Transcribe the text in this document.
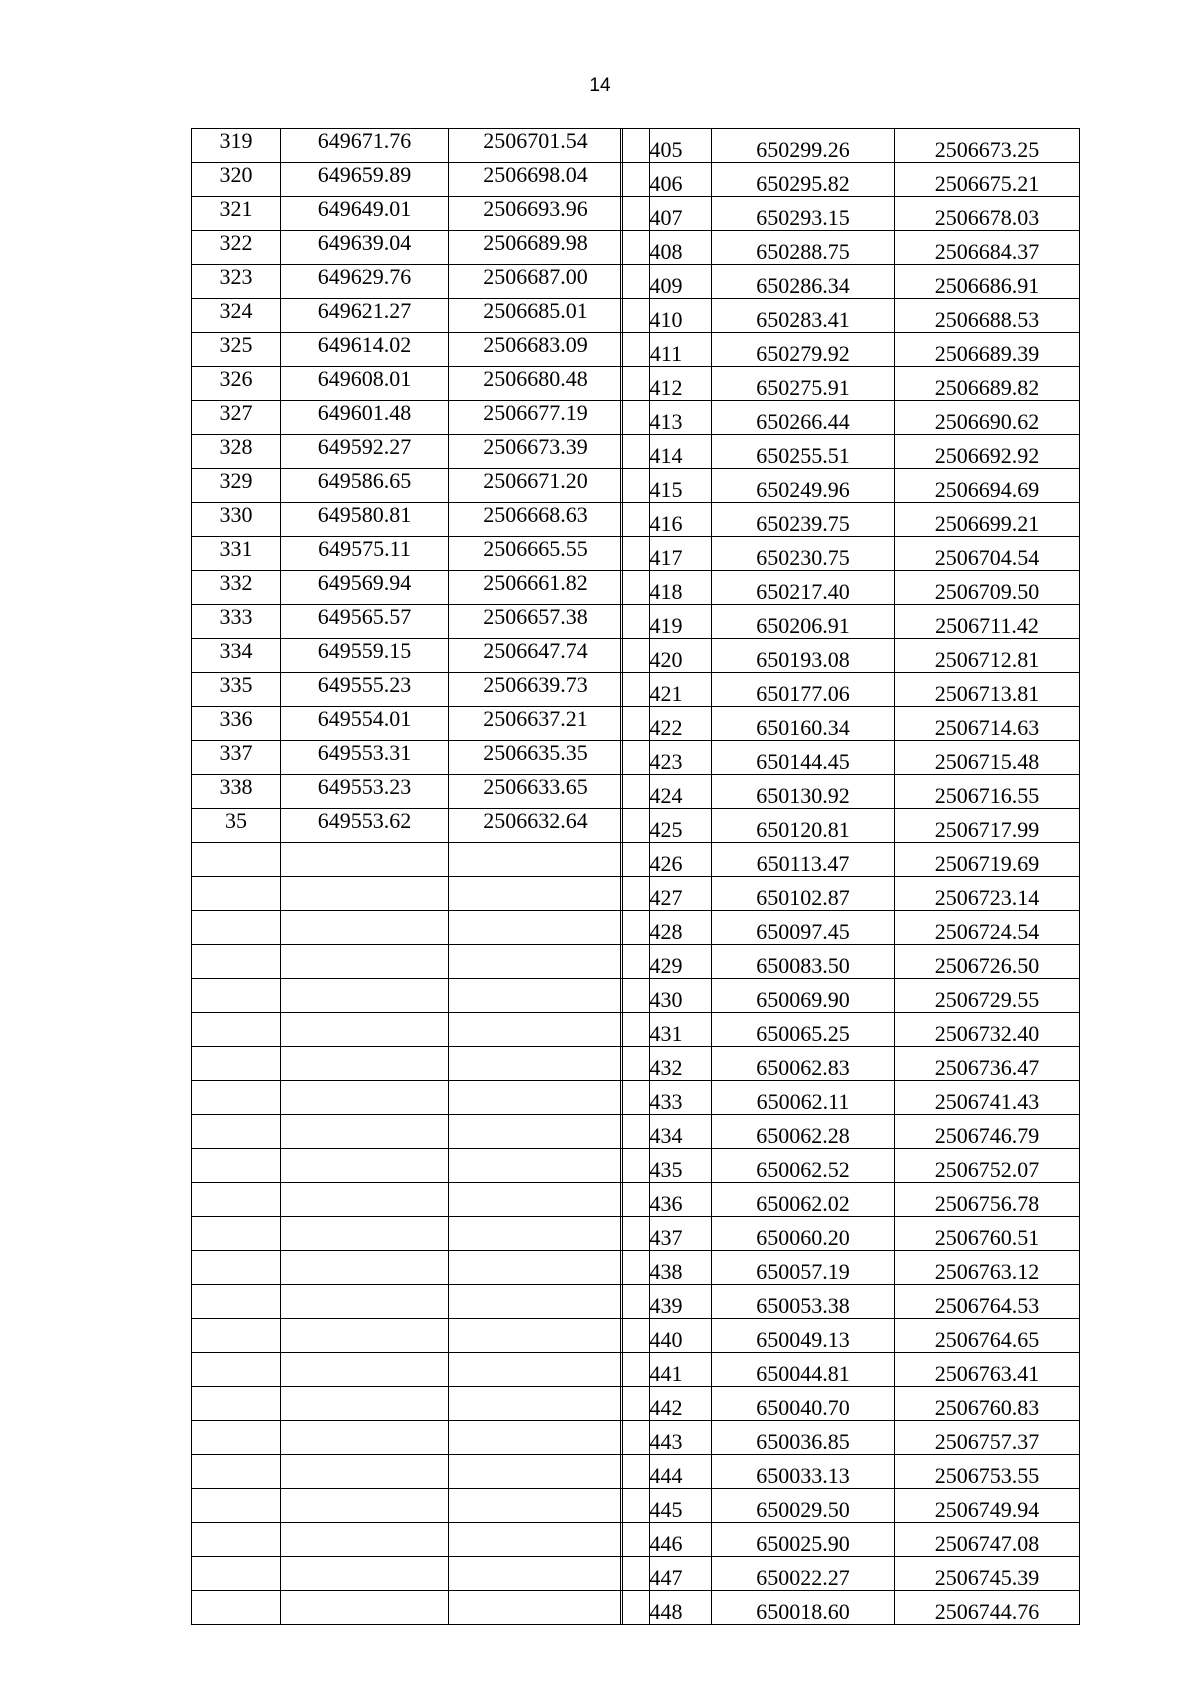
14
319	649671.76	2506701.54	
320	649659.89	2506698.04	
321	649649.01	2506693.96	
322	649639.04	2506689.98	
323	649629.76	2506687.00	
324	649621.27	2506685.01	
325	649614.02	2506683.09	
326	649608.01	2506680.48	
327	649601.48	2506677.19	
328	649592.27	2506673.39	
329	649586.65	2506671.20	
330	649580.81	2506668.63	
331	649575.11	2506665.55	
332	649569.94	2506661.82	
333	649565.57	2506657.38	
334	649559.15	2506647.74	
335	649555.23	2506639.73	
336	649554.01	2506637.21	
337	649553.31	2506635.35	
338	649553.23	2506633.65	
35	649553.62	2506632.64	

405	650299.26	2506673.25
406	650295.82	2506675.21
407	650293.15	2506678.03
408	650288.75	2506684.37
409	650286.34	2506686.91
410	650283.41	2506688.53
411	650279.92	2506689.39
412	650275.91	2506689.82
413	650266.44	2506690.62
414	650255.51	2506692.92
415	650249.96	2506694.69
416	650239.75	2506699.21
417	650230.75	2506704.54
418	650217.40	2506709.50
419	650206.91	2506711.42
420	650193.08	2506712.81
421	650177.06	2506713.81
422	650160.34	2506714.63
423	650144.45	2506715.48
424	650130.92	2506716.55
425	650120.81	2506717.99
426	650113.47	2506719.69
427	650102.87	2506723.14
428	650097.45	2506724.54
429	650083.50	2506726.50
430	650069.90	2506729.55
431	650065.25	2506732.40
432	650062.83	2506736.47
433	650062.11	2506741.43
434	650062.28	2506746.79
435	650062.52	2506752.07
436	650062.02	2506756.78
437	650060.20	2506760.51
438	650057.19	2506763.12
439	650053.38	2506764.53
440	650049.13	2506764.65
441	650044.81	2506763.41
442	650040.70	2506760.83
443	650036.85	2506757.37
444	650033.13	2506753.55
445	650029.50	2506749.94
446	650025.90	2506747.08
447	650022.27	2506745.39
448	650018.60	2506744.76
